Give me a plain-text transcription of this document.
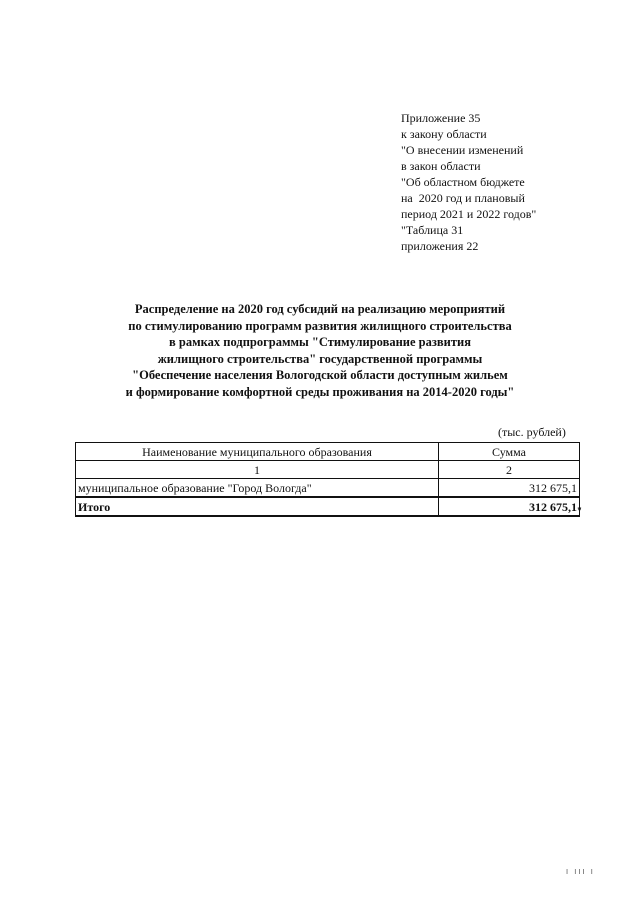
Приложение 35
к закону области
"О внесении изменений
в закон области
"Об областном бюджете
на  2020 год и плановый
период 2021 и 2022 годов"
"Таблица 31
приложения 22
Распределение на 2020 год субсидий на реализацию мероприятий
по стимулированию программ развития жилищного строительства
в рамках подпрограммы "Стимулирование развития
жилищного строительства" государственной программы
"Обеспечение населения Вологодской области доступным жильем
и формирование комфортной среды проживания на 2014-2020 годы"
(тыс. рублей)
Наименование муниципального образования	Сумма
1	2
муниципальное образование "Город Вологда"	312 675,1
Итого	312 675,1 "
I III I
